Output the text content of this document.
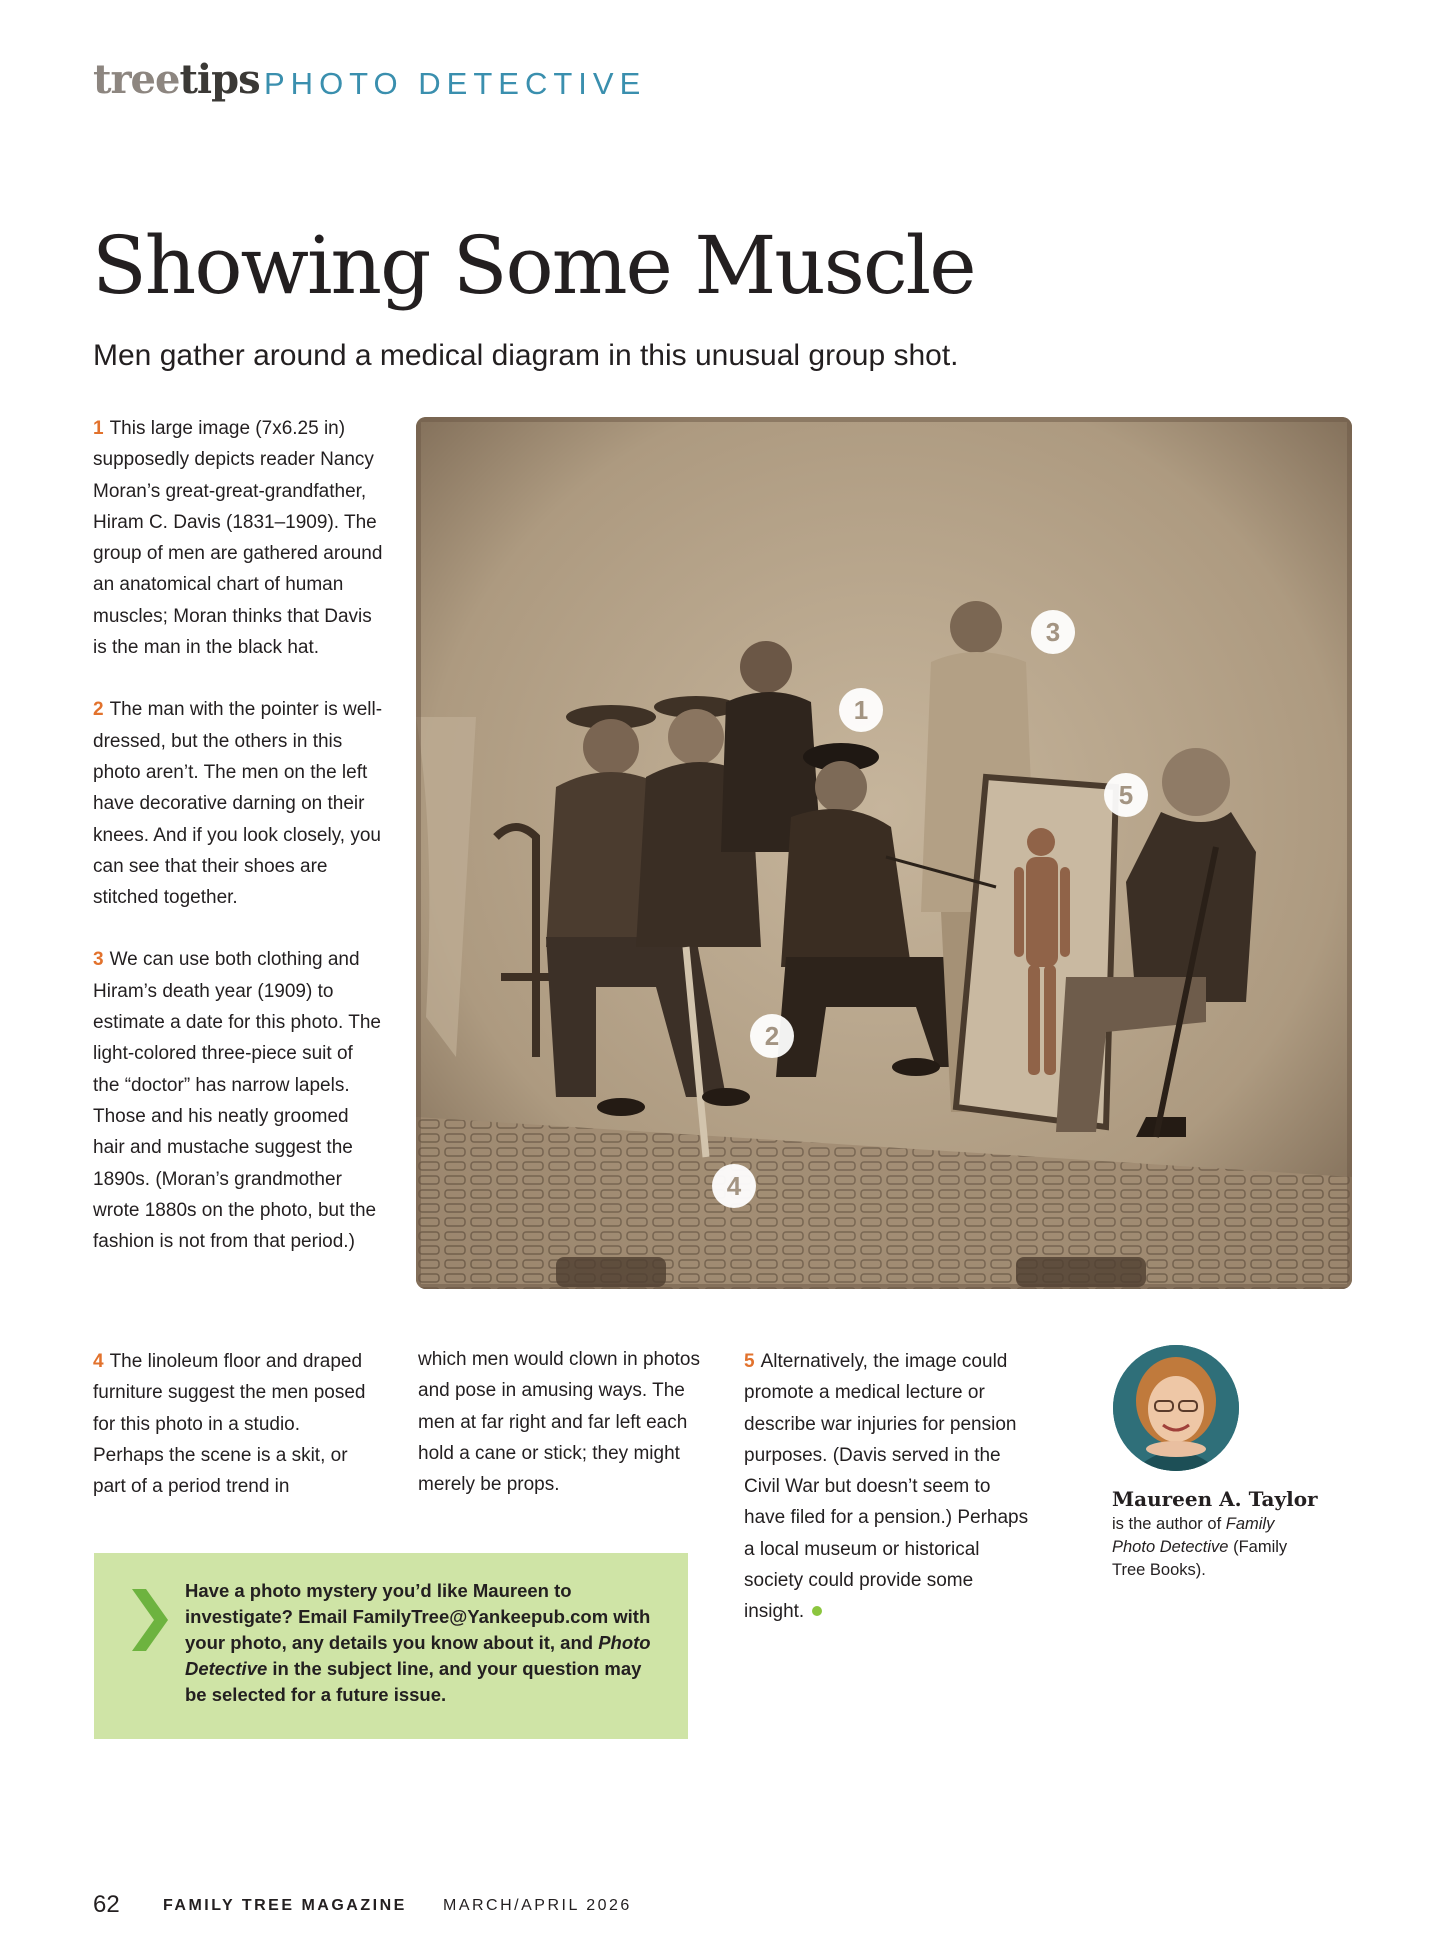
treetips PHOTO DETECTIVE
Showing Some Muscle
Men gather around a medical diagram in this unusual group shot.

1 This large image (7x6.25 in) supposedly depicts reader Nancy Moran’s great-great-grandfather, Hiram C. Davis (1831–1909). The group of men are gathered around an anatomical chart of human muscles; Moran thinks that Davis is the man in the black hat.

2 The man with the pointer is well-dressed, but the others in this photo aren’t. The men on the left have decorative darning on their knees. And if you look closely, you can see that their shoes are stitched together.

3 We can use both clothing and Hiram’s death year (1909) to estimate a date for this photo. The light-colored three-piece suit of the “doctor” has narrow lapels. Those and his neatly groomed hair and mustache suggest the 1890s. (Moran’s grandmother wrote 1880s on the photo, but the fashion is not from that period.)

1
2
3
4
5

4 The linoleum floor and draped furniture suggest the men posed for this photo in a studio. Perhaps the scene is a skit, or part of a period trend in

which men would clown in photos and pose in amusing ways. The men at far right and far left each hold a cane or stick; they might merely be props.

5 Alternatively, the image could promote a medical lecture or describe war injuries for pension purposes. (Davis served in the Civil War but doesn’t seem to have filed for a pension.) Perhaps a local museum or historical society could provide some insight.

Maureen A. Taylor
is the author of Family Photo Detective (Family Tree Books).

Have a photo mystery you’d like Maureen to investigate? Email FamilyTree@Yankeepub.com with your photo, any details you know about it, and Photo Detective in the subject line, and your question may be selected for a future issue.

62	FAMILY TREE MAGAZINE MARCH/APRIL 2026
